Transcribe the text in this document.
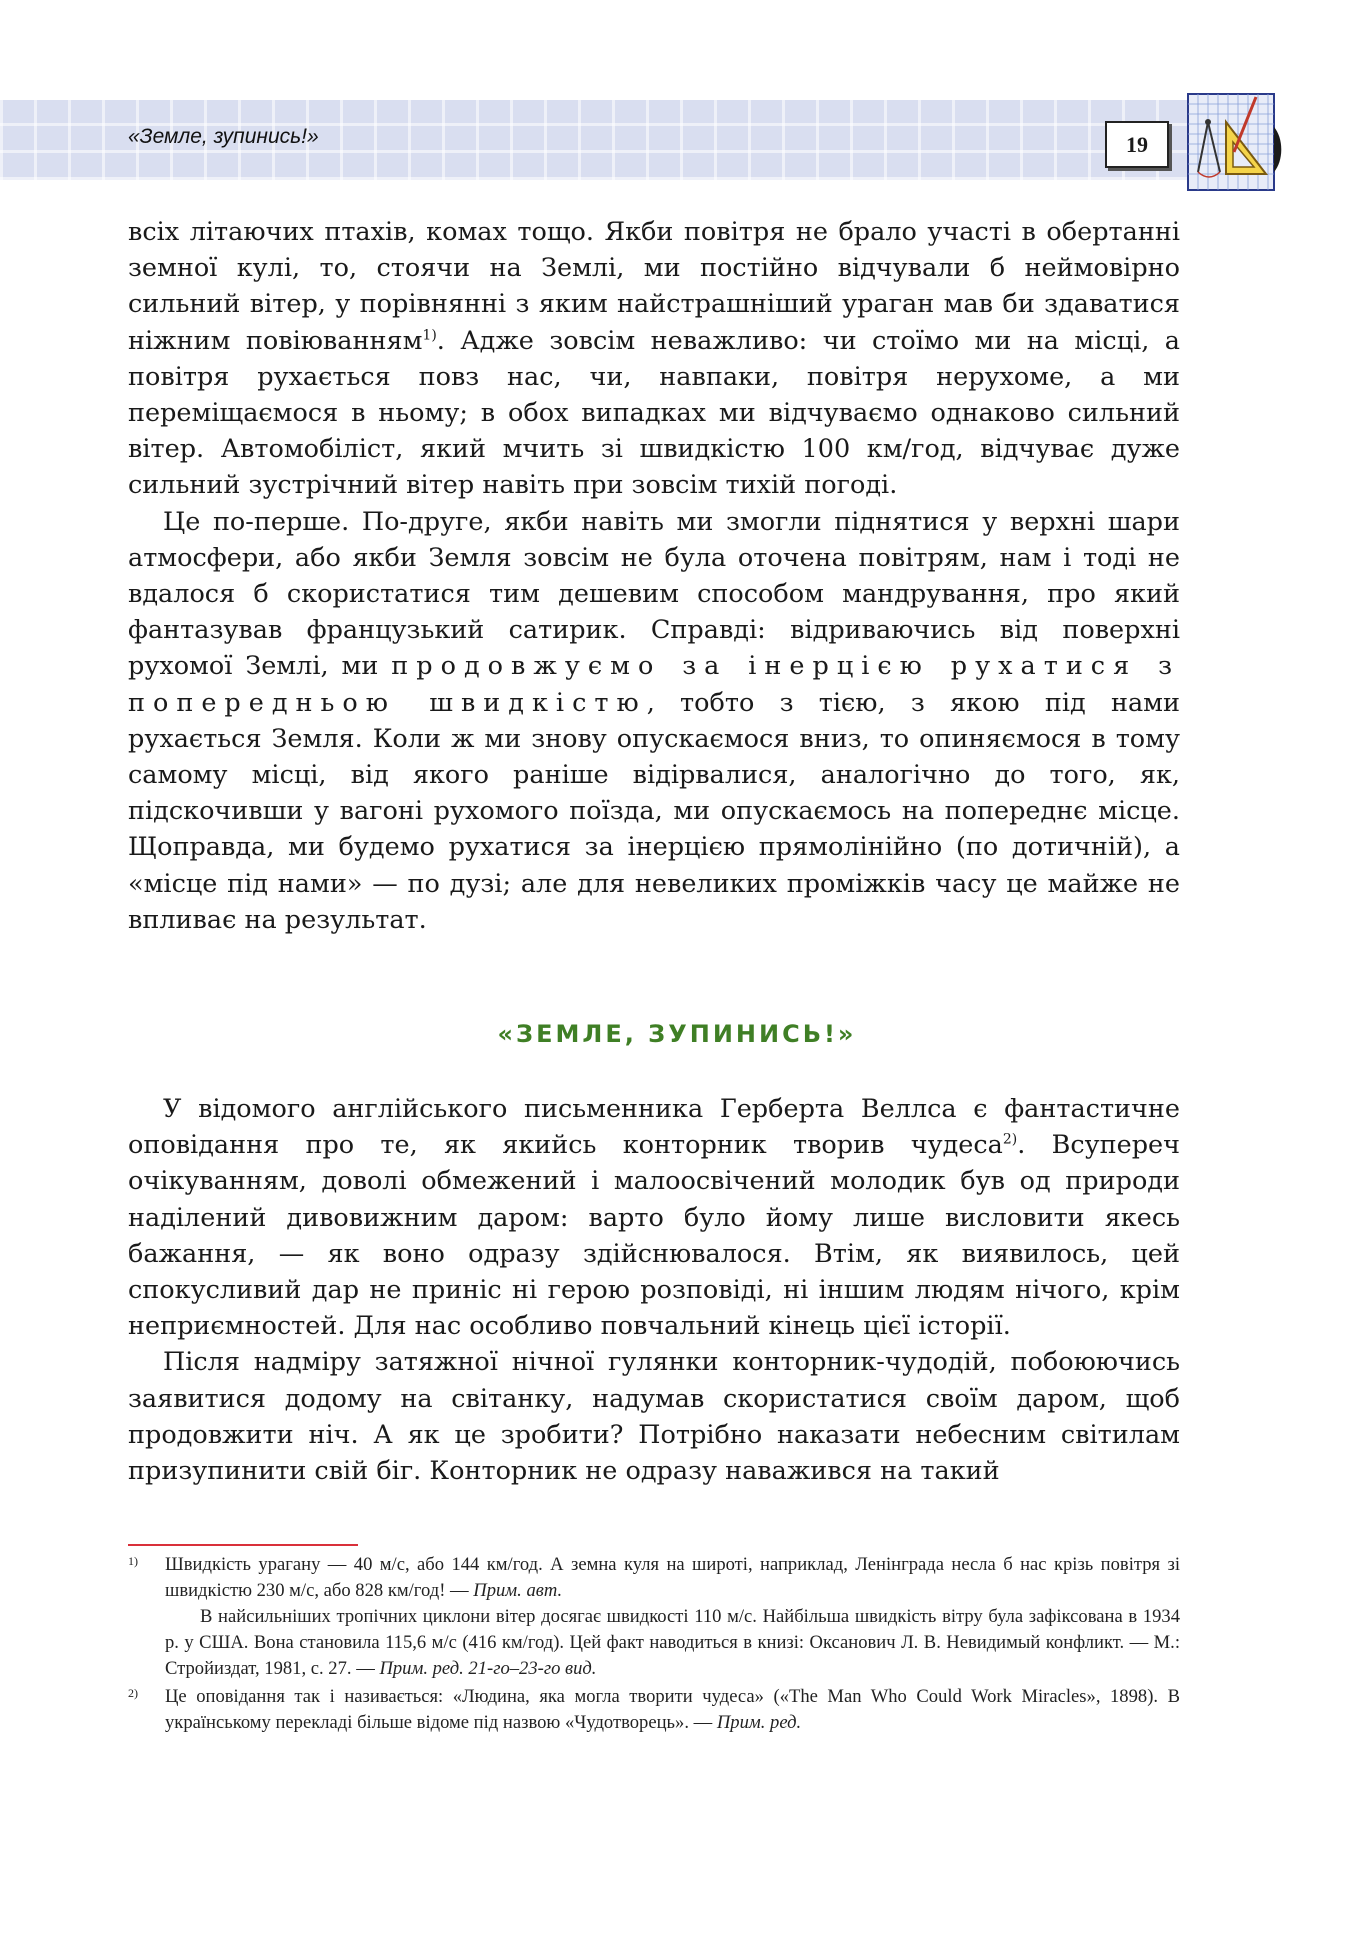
«Земле, зупинись!»	19

всіх літаючих птахів, комах тощо. Якби повітря не брало участі в обертанні земної кулі, то, стоячи на Землі, ми постійно відчували б неймовірно сильний вітер, у порівнянні з яким найстрашніший ураган мав би здаватися ніжним повіюванням$^{1)}$. Адже зовсім неважливо: чи стоїмо ми на місці, а повітря рухається повз нас, чи, навпаки, повітря нерухоме, а ми переміщаємося в ньому; в обох випадках ми відчуваємо однаково сильний вітер. Автомобіліст, який мчить зі швидкістю 100 км/год, відчуває дуже сильний зустрічний вітер навіть при зовсім тихій погоді.

Це по-перше. По-друге, якби навіть ми змогли піднятися у верхні шари атмосфери, або якби Земля зовсім не була оточена повітрям, нам і тоді не вдалося б скористатися тим дешевим способом мандрування, про який фантазував французький сатирик. Справді: відриваючись від поверхні рухомої Землі, ми продовжуємо за інерцією рухатися з попередньою швидкістю, тобто з тією, з якою під нами рухається Земля. Коли ж ми знову опускаємося вниз, то опиняємося в тому самому місці, від якого раніше відірвалися, аналогічно до того, як, підскочивши у вагоні рухомого поїзда, ми опускаємось на попереднє місце. Щоправда, ми будемо рухатися за інерцією прямолінійно (по дотичній), а «місце під нами» — по дузі; але для невеликих проміжків часу це майже не впливає на результат.

«ЗЕМЛЕ, ЗУПИНИСЬ!»

У відомого англійського письменника Герберта Веллса є фантастичне оповідання про те, як якийсь конторник творив чудеса$^{2)}$. Всупереч очікуванням, доволі обмежений і малоосвічений молодик був од природи наділений дивовижним даром: варто було йому лише висловити якесь бажання, — як воно одразу здійснювалося. Втім, як виявилось, цей спокусливий дар не приніс ні герою розповіді, ні іншим людям нічого, крім неприємностей. Для нас особливо повчальний кінець цієї історії.

Після надміру затяжної нічної гулянки конторник-чудодій, побоюючись заявитися додому на світанку, надумав скористатися своїм даром, щоб продовжити ніч. А як це зробити? Потрібно наказати небесним світилам призупинити свій біг. Конторник не одразу наважився на такий

1) Швидкість урагану — 40 м/с, або 144 км/год. А земна куля на широті, наприклад, Ленінграда несла б нас крізь повітря зі швидкістю 230 м/с, або 828 км/год! — Прим. авт.

В найсильніших тропічних циклони вітер досягає швидкості 110 м/с. Найбільша швидкість вітру була зафіксована в 1934 р. у США. Вона становила 115,6 м/с (416 км/год). Цей факт наводиться в книзі: Оксанович Л. В. Невидимый конфликт. — М.: Стройиздат, 1981, с. 27. — Прим. ред. 21-го–23-го вид.

2) Це оповідання так і називається: «Людина, яка могла творити чудеса» («The Man Who Could Work Miracles», 1898). В українському перекладі більше відоме під назвою «Чудотворець». — Прим. ред.
